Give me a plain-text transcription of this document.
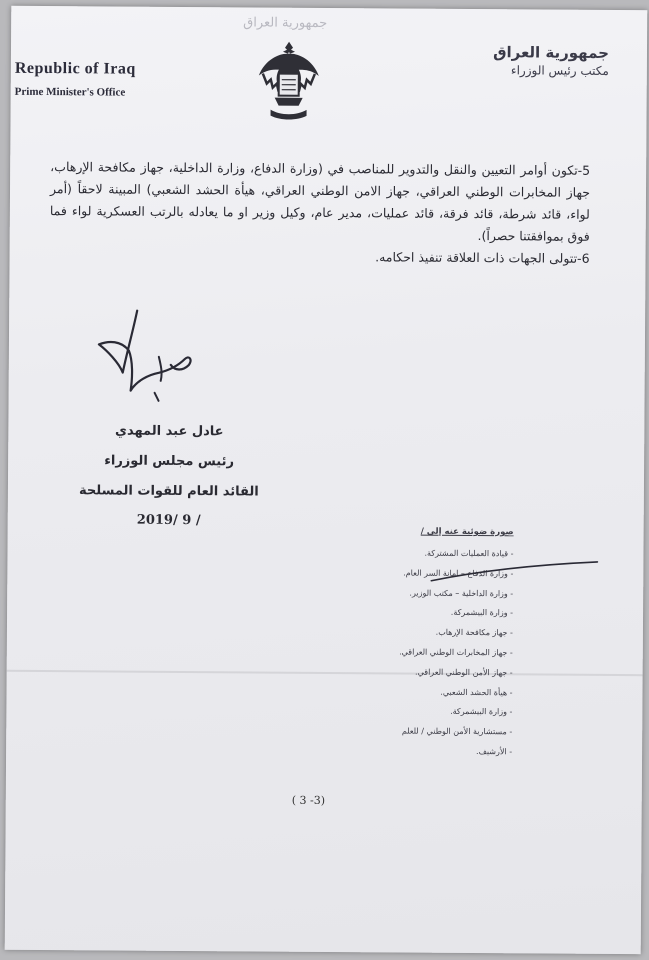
جمهورية العراق
Republic of Iraq
Prime Minister's Office
جمهورية العراق
مكتب رئيس الوزراء

5-تكون أوامر التعيين والنقل والتدوير للمناصب في (وزارة الدفاع، وزارة الداخلية، جهاز مكافحة الإرهاب، جهاز المخابرات الوطني العراقي، جهاز الامن الوطني العراقي، هيأة الحشد الشعبي) المبينة لاحقاً (أمر لواء، قائد شرطة، قائد فرقة، قائد عمليات، مدير عام، وكيل وزير او ما يعادله بالرتب العسكرية لواء فما فوق بموافقتنا حصراً).

6-تتولى الجهات ذات العلاقة تنفيذ احكامه.

عادل عبد المهدي
رئيس مجلس الوزراء
القائد العام للقوات المسلحة
/ 9 /2019
صورة ضوئية عنه إلى /
- قيادة العمليات المشتركة.
- وزارة الدفاع – امانة السر العام.
- وزارة الداخلية – مكتب الوزير.
- وزارة البيشمركة.
- جهاز مكافحة الإرهاب.
- جهاز المخابرات الوطني العراقي.
- جهاز الأمن الوطني العراقي.
- هيأة الحشد الشعبي.
- وزارة البيشمركة.
- مستشارية الأمن الوطني / للعلم
- الأرشيف.
( 3 -3)
